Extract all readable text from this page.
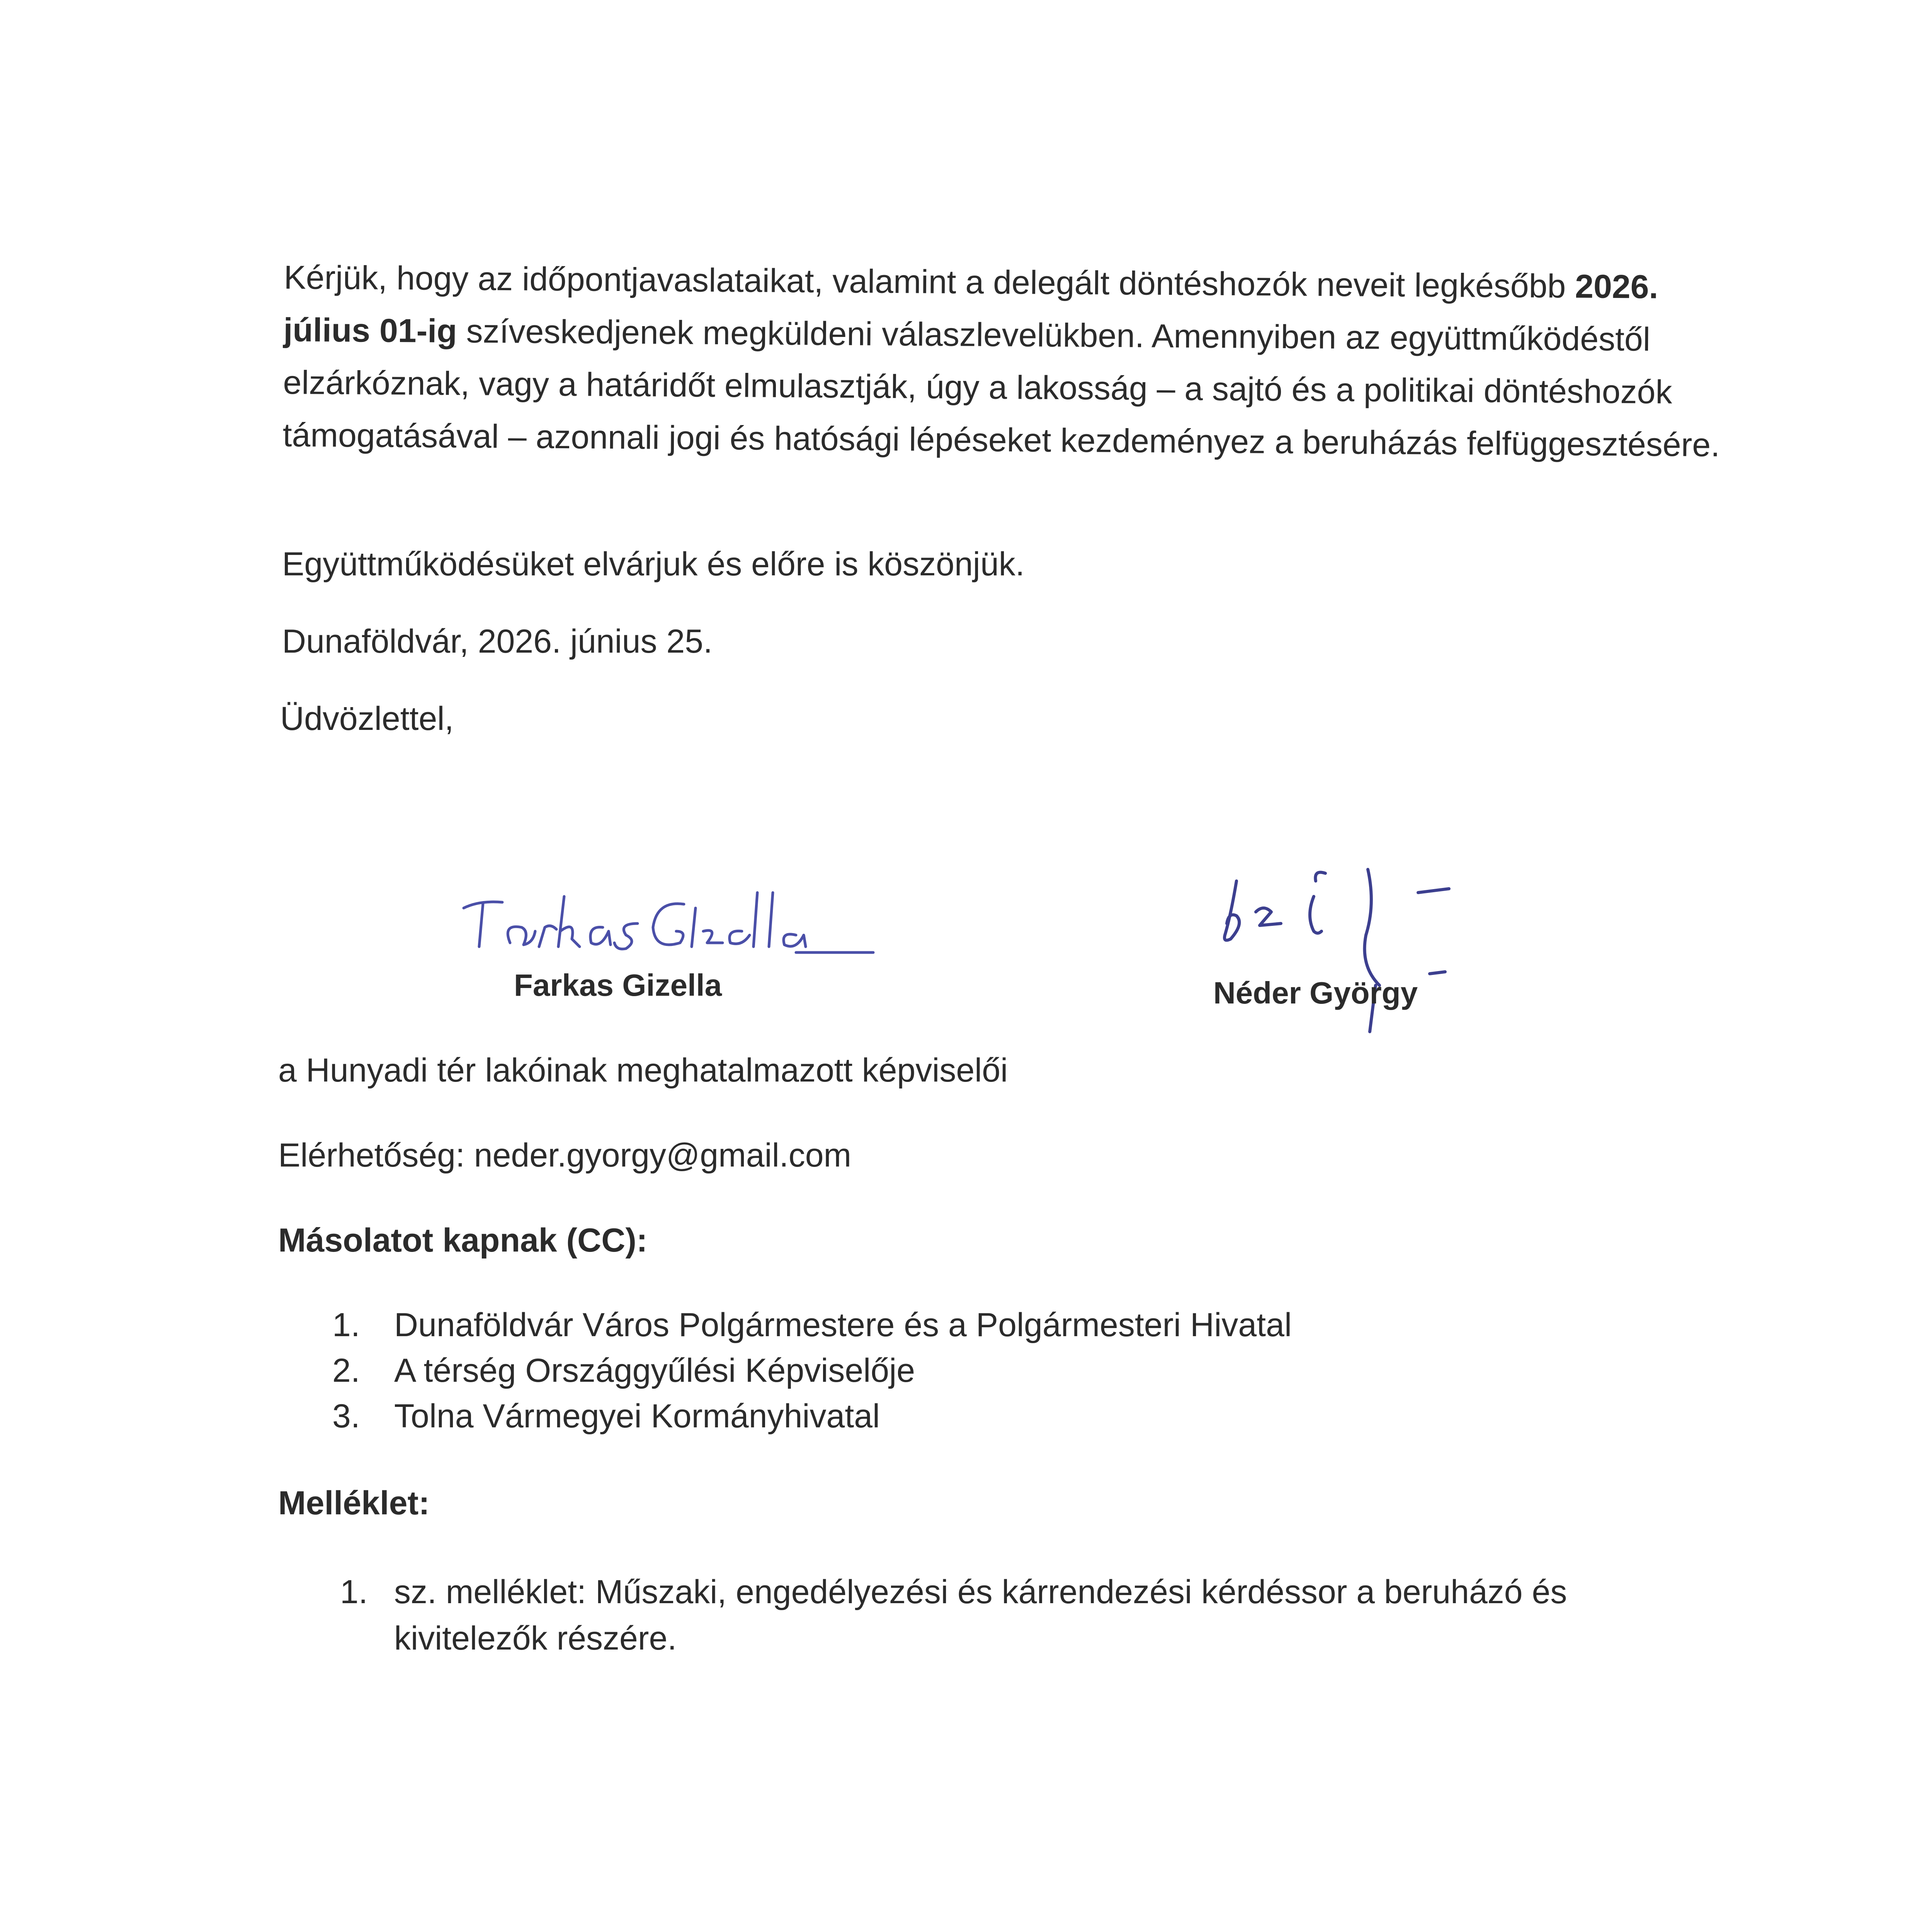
Kérjük, hogy az időpontjavaslataikat, valamint a delegált döntéshozók neveit legkésőbb 2026. július 01-ig szíveskedjenek megküldeni válaszlevelükben. Amennyiben az együttműködéstől elzárkóznak, vagy a határidőt elmulasztják, úgy a lakosság – a sajtó és a politikai döntéshozók támogatásával – azonnali jogi és hatósági lépéseket kezdeményez a beruházás felfüggesztésére.

Együttműködésüket elvárjuk és előre is köszönjük.

Dunaföldvár, 2026. június 25.

Üdvözlettel,

Farkas Gizella	Néder György

a Hunyadi tér lakóinak meghatalmazott képviselői

Elérhetőség: neder.gyorgy@gmail.com

Másolatot kapnak (CC):

1.	Dunaföldvár Város Polgármestere és a Polgármesteri Hivatal
2.	A térség Országgyűlési Képviselője
3.	Tolna Vármegyei Kormányhivatal

Melléklet:

1. sz. melléklet: Műszaki, engedélyezési és kárrendezési kérdéssor a beruházó és kivitelezők részére.
